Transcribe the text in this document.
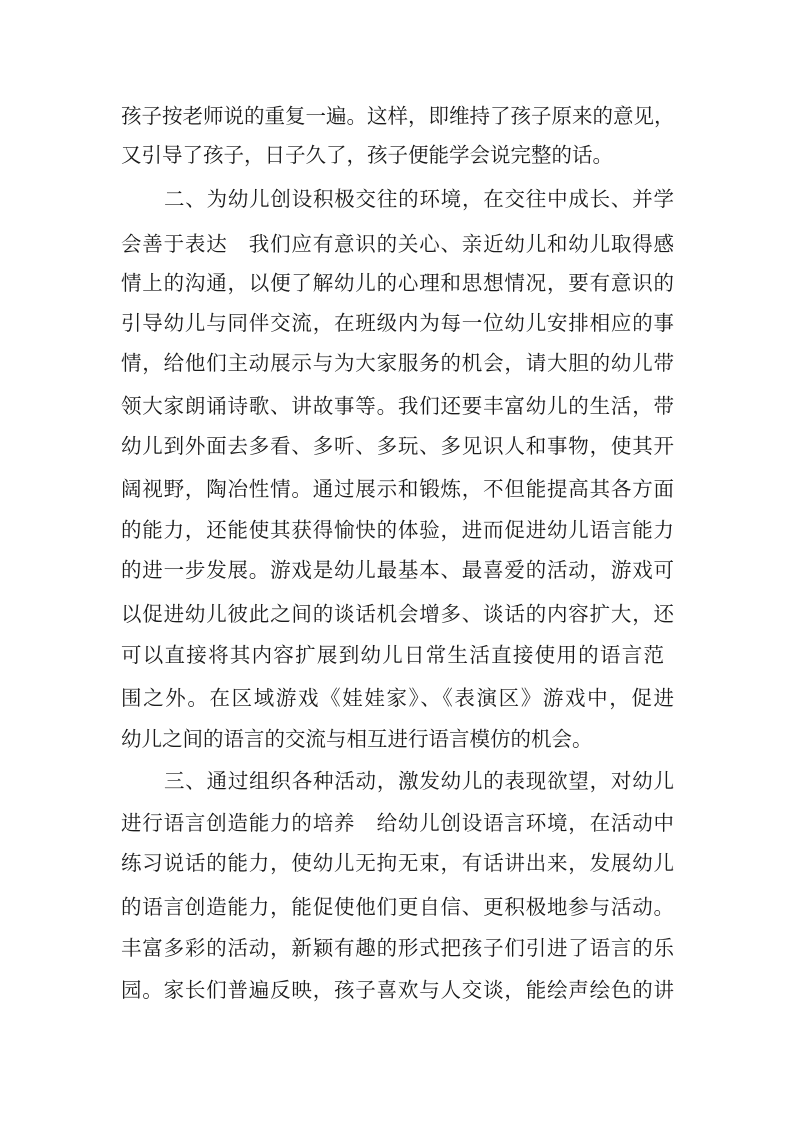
孩子按老师说的重复一遍。这样，即维持了孩子原来的意见，
又引导了孩子，日子久了，孩子便能学会说完整的话。
二、为幼儿创设积极交往的环境，在交往中成长、并学
会善于表达　我们应有意识的关心、亲近幼儿和幼儿取得感
情上的沟通，以便了解幼儿的心理和思想情况，要有意识的
引导幼儿与同伴交流，在班级内为每一位幼儿安排相应的事
情，给他们主动展示与为大家服务的机会，请大胆的幼儿带
领大家朗诵诗歌、讲故事等。我们还要丰富幼儿的生活，带
幼儿到外面去多看、多听、多玩、多见识人和事物，使其开
阔视野，陶冶性情。通过展示和锻炼，不但能提高其各方面
的能力，还能使其获得愉快的体验，进而促进幼儿语言能力
的进一步发展。游戏是幼儿最基本、最喜爱的活动，游戏可
以促进幼儿彼此之间的谈话机会增多、谈话的内容扩大，还
可以直接将其内容扩展到幼儿日常生活直接使用的语言范
围之外。在区域游戏《娃娃家》、《表演区》游戏中，促进
幼儿之间的语言的交流与相互进行语言模仿的机会。
三、通过组织各种活动，激发幼儿的表现欲望，对幼儿
进行语言创造能力的培养　给幼儿创设语言环境，在活动中
练习说话的能力，使幼儿无拘无束，有话讲出来，发展幼儿
的语言创造能力，能促使他们更自信、更积极地参与活动。
丰富多彩的活动，新颖有趣的形式把孩子们引进了语言的乐
园。家长们普遍反映，孩子喜欢与人交谈，能绘声绘色的讲
